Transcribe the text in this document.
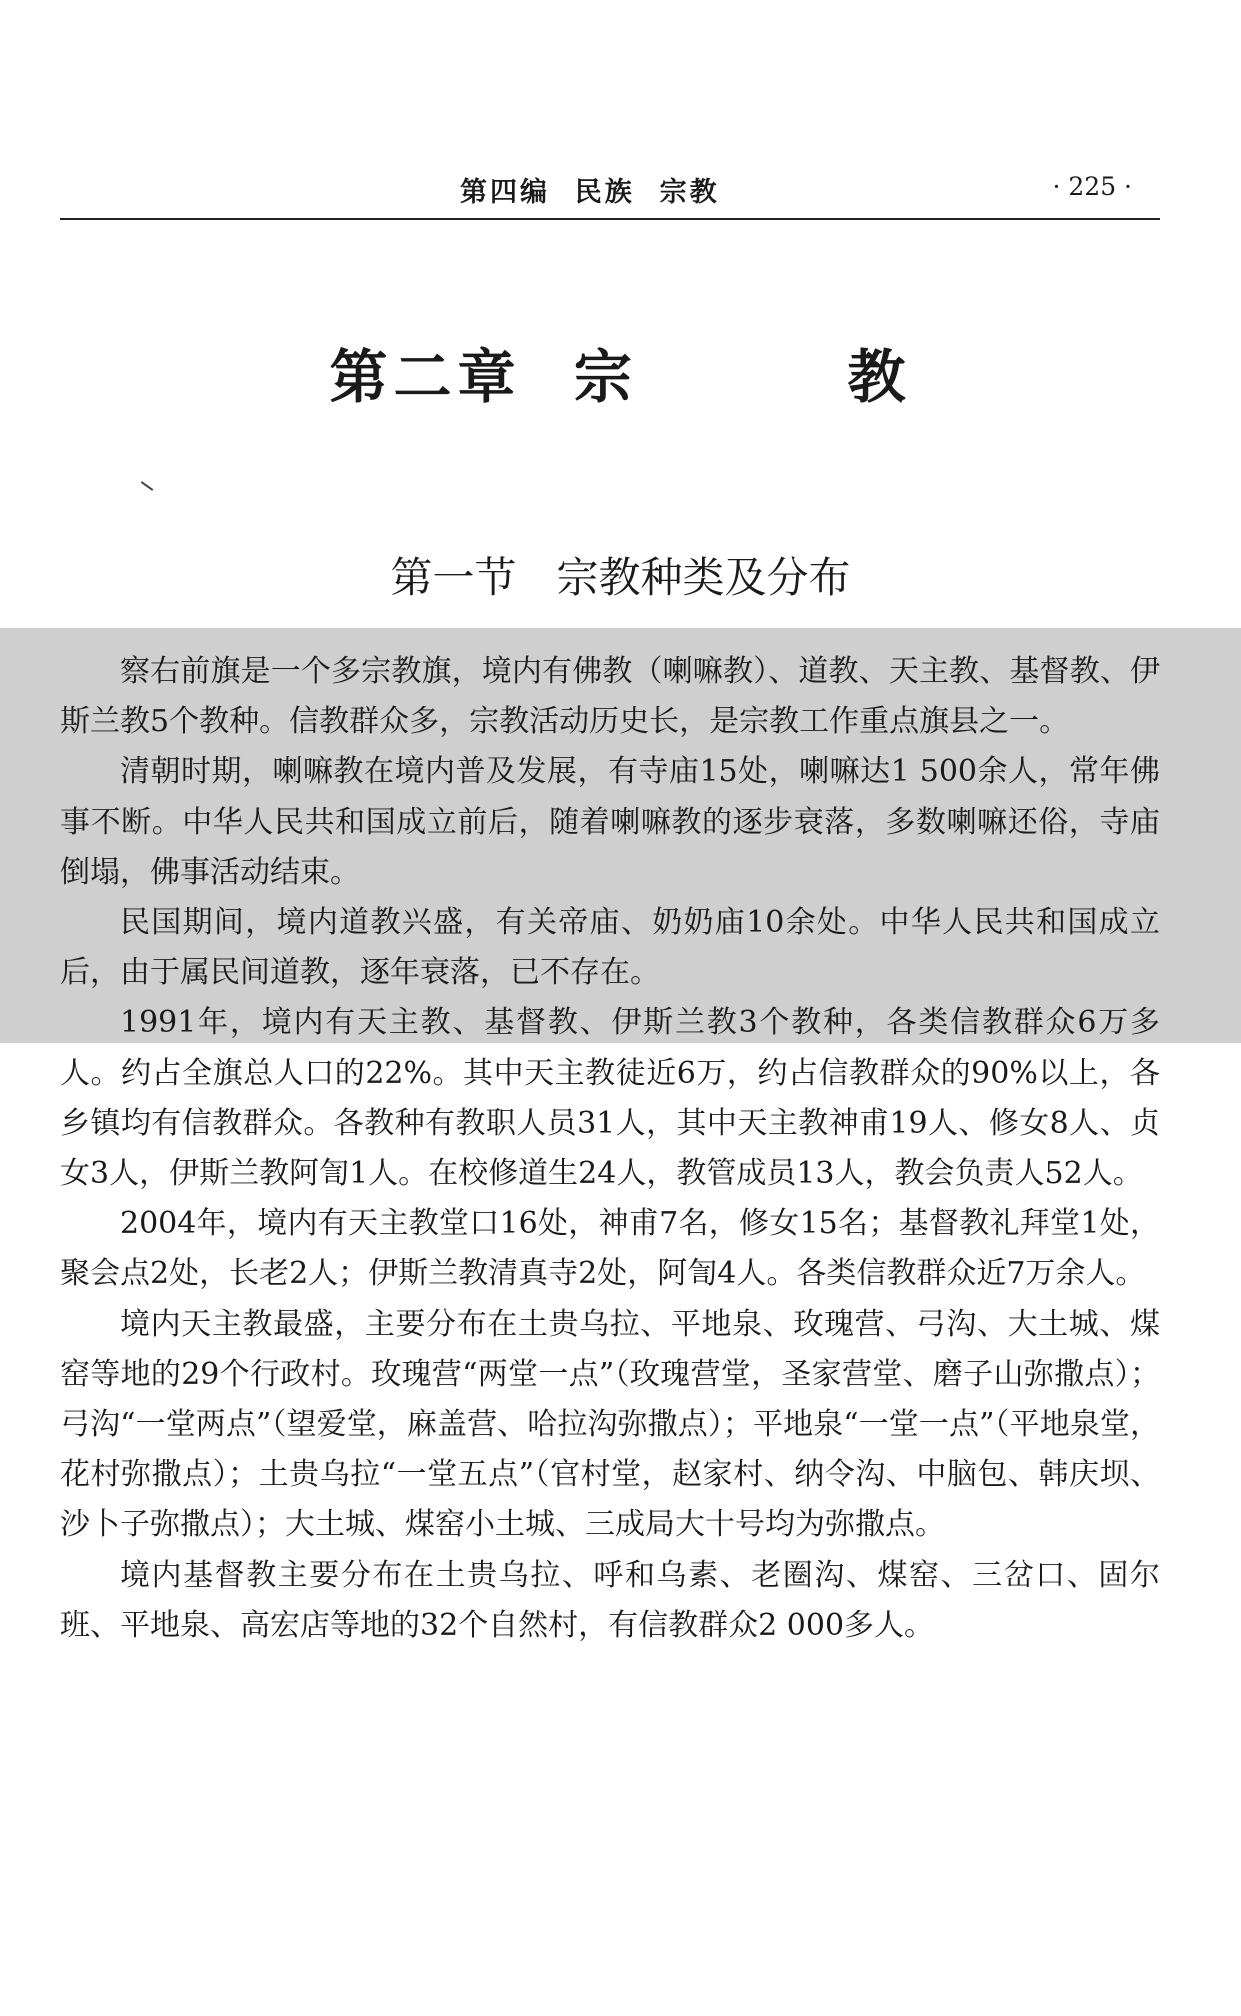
第四编  民族  宗教	· 225 ·
第二章  宗        教
第一节   宗教种类及分布

察右前旗是一个多宗教旗，境内有佛教（喇嘛教）、道教、天主教、基督教、伊斯兰教5个教种。信教群众多，宗教活动历史长，是宗教工作重点旗县之一。

清朝时期，喇嘛教在境内普及发展，有寺庙15处，喇嘛达1 500余人，常年佛事不断。中华人民共和国成立前后，随着喇嘛教的逐步衰落，多数喇嘛还俗，寺庙倒塌，佛事活动结束。

民国期间，境内道教兴盛，有关帝庙、奶奶庙10余处。中华人民共和国成立后，由于属民间道教，逐年衰落，已不存在。

1991年，境内有天主教、基督教、伊斯兰教3个教种，各类信教群众6万多人。约占全旗总人口的22%。其中天主教徒近6万，约占信教群众的90%以上，各乡镇均有信教群众。各教种有教职人员31人，其中天主教神甫19人、修女8人、贞女3人，伊斯兰教阿訇1人。在校修道生24人，教管成员13人，教会负责人52人。

2004年，境内有天主教堂口16处，神甫7名，修女15名；基督教礼拜堂1处，聚会点2处，长老2人；伊斯兰教清真寺2处，阿訇4人。各类信教群众近7万余人。

境内天主教最盛，主要分布在土贵乌拉、平地泉、玫瑰营、弓沟、大土城、煤窑等地的29个行政村。玫瑰营“两堂一点”（玫瑰营堂，圣家营堂、磨子山弥撒点）；弓沟“一堂两点”（望爱堂，麻盖营、哈拉沟弥撒点）；平地泉“一堂一点”（平地泉堂，花村弥撒点）；土贵乌拉“一堂五点”（官村堂，赵家村、纳令沟、中脑包、韩庆坝、沙卜子弥撒点）；大土城、煤窑小土城、三成局大十号均为弥撒点。

境内基督教主要分布在土贵乌拉、呼和乌素、老圈沟、煤窑、三岔口、固尔班、平地泉、高宏店等地的32个自然村，有信教群众2 000多人。
